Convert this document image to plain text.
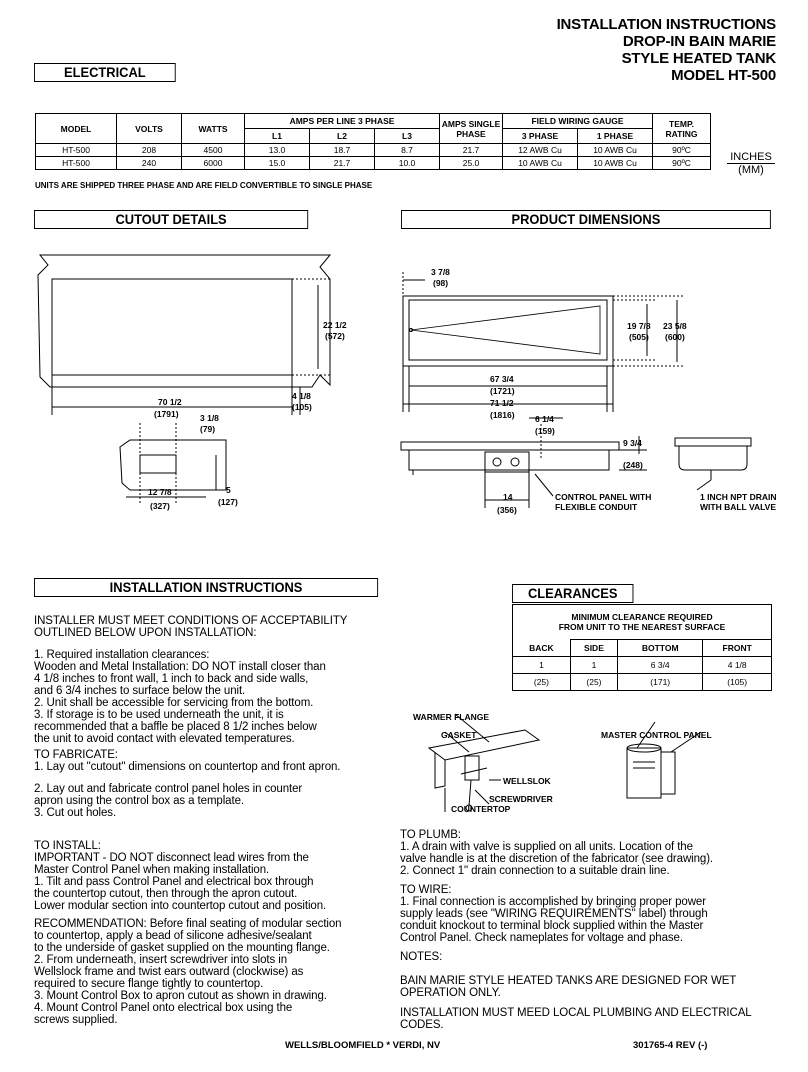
INSTALLATION INSTRUCTIONS
DROP-IN BAIN MARIE
STYLE HEATED TANK
MODEL HT-500
ELECTRICAL
CUTOUT DETAILS	PRODUCT DIMENSIONS
INSTALLATION INSTRUCTIONS	CLEARANCES
MODEL	VOLTS	WATTS	AMPS PER LINE 3 PHASE			AMPS SINGLE PHASE	FIELD WIRING GAUGE		TEMP. RATING
			L1	L2	L3		3 PHASE	1 PHASE	
HT-500	208	4500	13.0	18.7	8.7	21.7	12 AWB Cu	10 AWB Cu	90ºC
HT-500	240	6000	15.0	21.7	10.0	25.0	10 AWB Cu	10 AWB Cu	90ºC
UNITS ARE SHIPPED THREE PHASE AND ARE FIELD CONVERTIBLE TO SINGLE PHASE
INCHES
(MM)
22 1/2
(572)
70 1/2
(1791)
4 1/8
(105)
3 1/8
(79)
12 7/8
(327)
5
(127)
3 7/8
(98)
19 7/8
(505)
23 5/8
(600)
67 3/4
(1721)
71 1/2
(1816) 6 1/4
(159)
9 3/4
(248)
14
(356)
CONTROL PANEL WITH
FLEXIBLE CONDUIT
1 INCH NPT DRAIN
WITH BALL VALVE
INSTALLER MUST MEET CONDITIONS OF ACCEPTABILITY
OUTLINED BELOW UPON INSTALLATION:
1. Required installation clearances:
Wooden and Metal Installation: DO NOT install closer than
4 1/8 inches to front wall, 1 inch to back and side walls,
and 6 3/4 inches to surface below the unit.
2. Unit shall be accessible for servicing from the bottom.
3. If storage is to be used underneath the unit, it is
recommended that a baffle be placed 8 1/2 inches below
the unit to avoid contact with elevated temperatures.
TO FABRICATE:
1. Lay out "cutout" dimensions on countertop and front apron.
2. Lay out and fabricate control panel holes in counter
apron using the control box as a template.
3. Cut out holes.
TO INSTALL:
IMPORTANT - DO NOT disconnect lead wires from the
Master Control Panel when making installation.
1. Tilt and pass Control Panel and electrical box through
the countertop cutout, then through the apron cutout.
Lower modular section into countertop cutout and position.
RECOMMENDATION: Before final seating of modular section
to countertop, apply a bead of silicone adhesive/sealant
to the underside of gasket supplied on the mounting flange.
2. From underneath, insert screwdriver into slots in
Wellslock frame and twist ears outward (clockwise) as
required to secure flange tightly to countertop.
3. Mount Control Box to apron cutout as shown in drawing.
4. Mount Control Panel onto electrical box using the
screws supplied.
MINIMUM CLEARANCE REQUIRED
FROM UNIT TO THE NEAREST SURFACE			

BACK	SIDE	BOTTOM	FRONT
1	1	6 3/4	4 1/8
(25)	(25)	(171)	(105)
WARMER FLANGE
GASKET
WELLSLOK
SCREWDRIVER
COUNTERTOP
MASTER CONTROL PANEL
TO PLUMB:
1. A drain with valve is supplied on all units. Location of the
valve handle is at the discretion of the fabricator (see drawing).
2. Connect 1" drain connection to a suitable drain line.
TO WIRE:
1. Final connection is accomplished by bringing proper power
supply leads (see "WIRING REQUIREMENTS" label) through
conduit knockout to terminal block supplied within the Master
Control Panel. Check nameplates for voltage and phase.
NOTES:
BAIN MARIE STYLE HEATED TANKS ARE DESIGNED FOR WET
OPERATION ONLY.
INSTALLATION MUST MEED LOCAL PLUMBING AND ELECTRICAL
CODES.
WELLS/BLOOMFIELD * VERDI, NV	301765-4 REV (-)
